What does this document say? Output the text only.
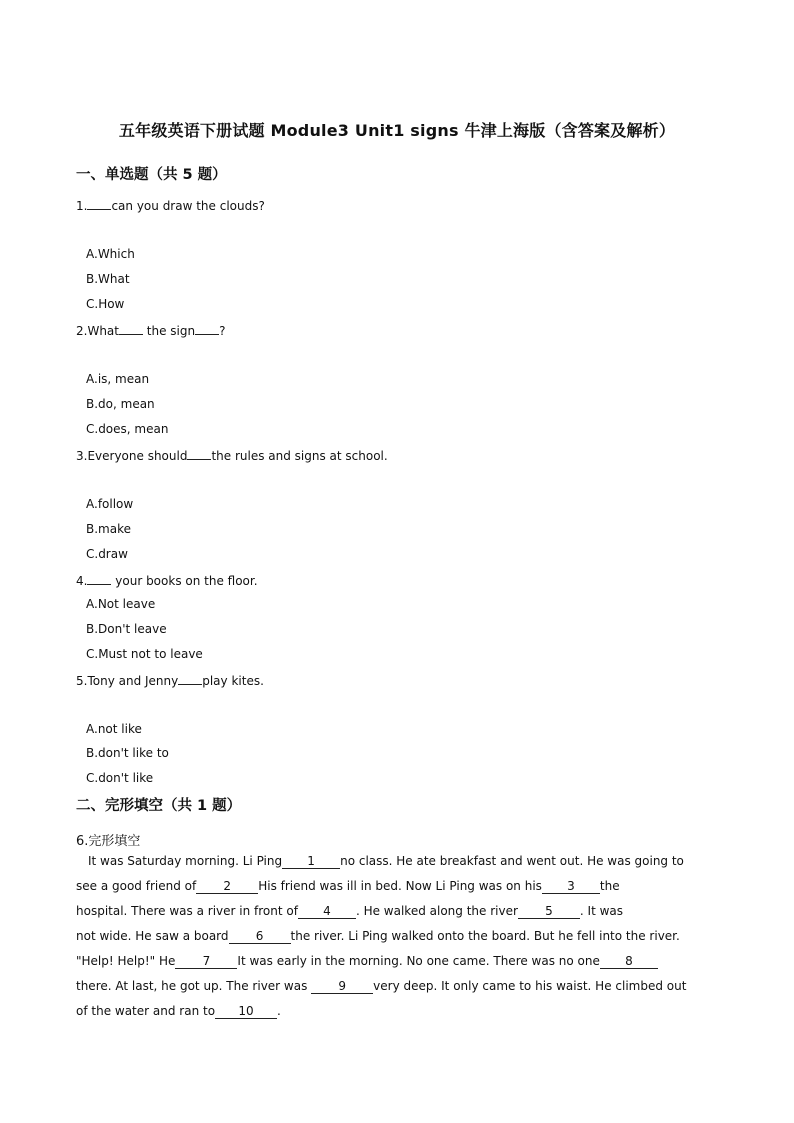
五年级英语下册试题 Module3 Unit1 signs 牛津上海版（含答案及解析）
一、单选题（共 5 题）
1. can you draw the clouds?
A.Which
B.What
C.How
2.What the sign ?
A.is, mean
B.do, mean
C.does, mean
3.Everyone should the rules and signs at school.
A.follow
B.make
C.draw
4. your books on the floor.
A.Not leave
B.Don't leave
C.Must not to leave
5.Tony and Jenny play kites.
A.not like
B.don't like to
C.don't like
二、完形填空（共 1 题）
6.完形填空
It was Saturday morning. Li Ping 1 no class. He ate breakfast and went out. He was going to
see a good friend of 2 His friend was ill in bed. Now Li Ping was on his 3 the
hospital. There was a river in front of 4 . He walked along the river 5 . It was
not wide. He saw a board 6 the river. Li Ping walked onto the board. But he fell into the river.
"Help! Help!" He 7 It was early in the morning. No one came. There was no one 8
there. At last, he got up. The river was 9 very deep. It only came to his waist. He climbed out
of the water and ran to 10 .
